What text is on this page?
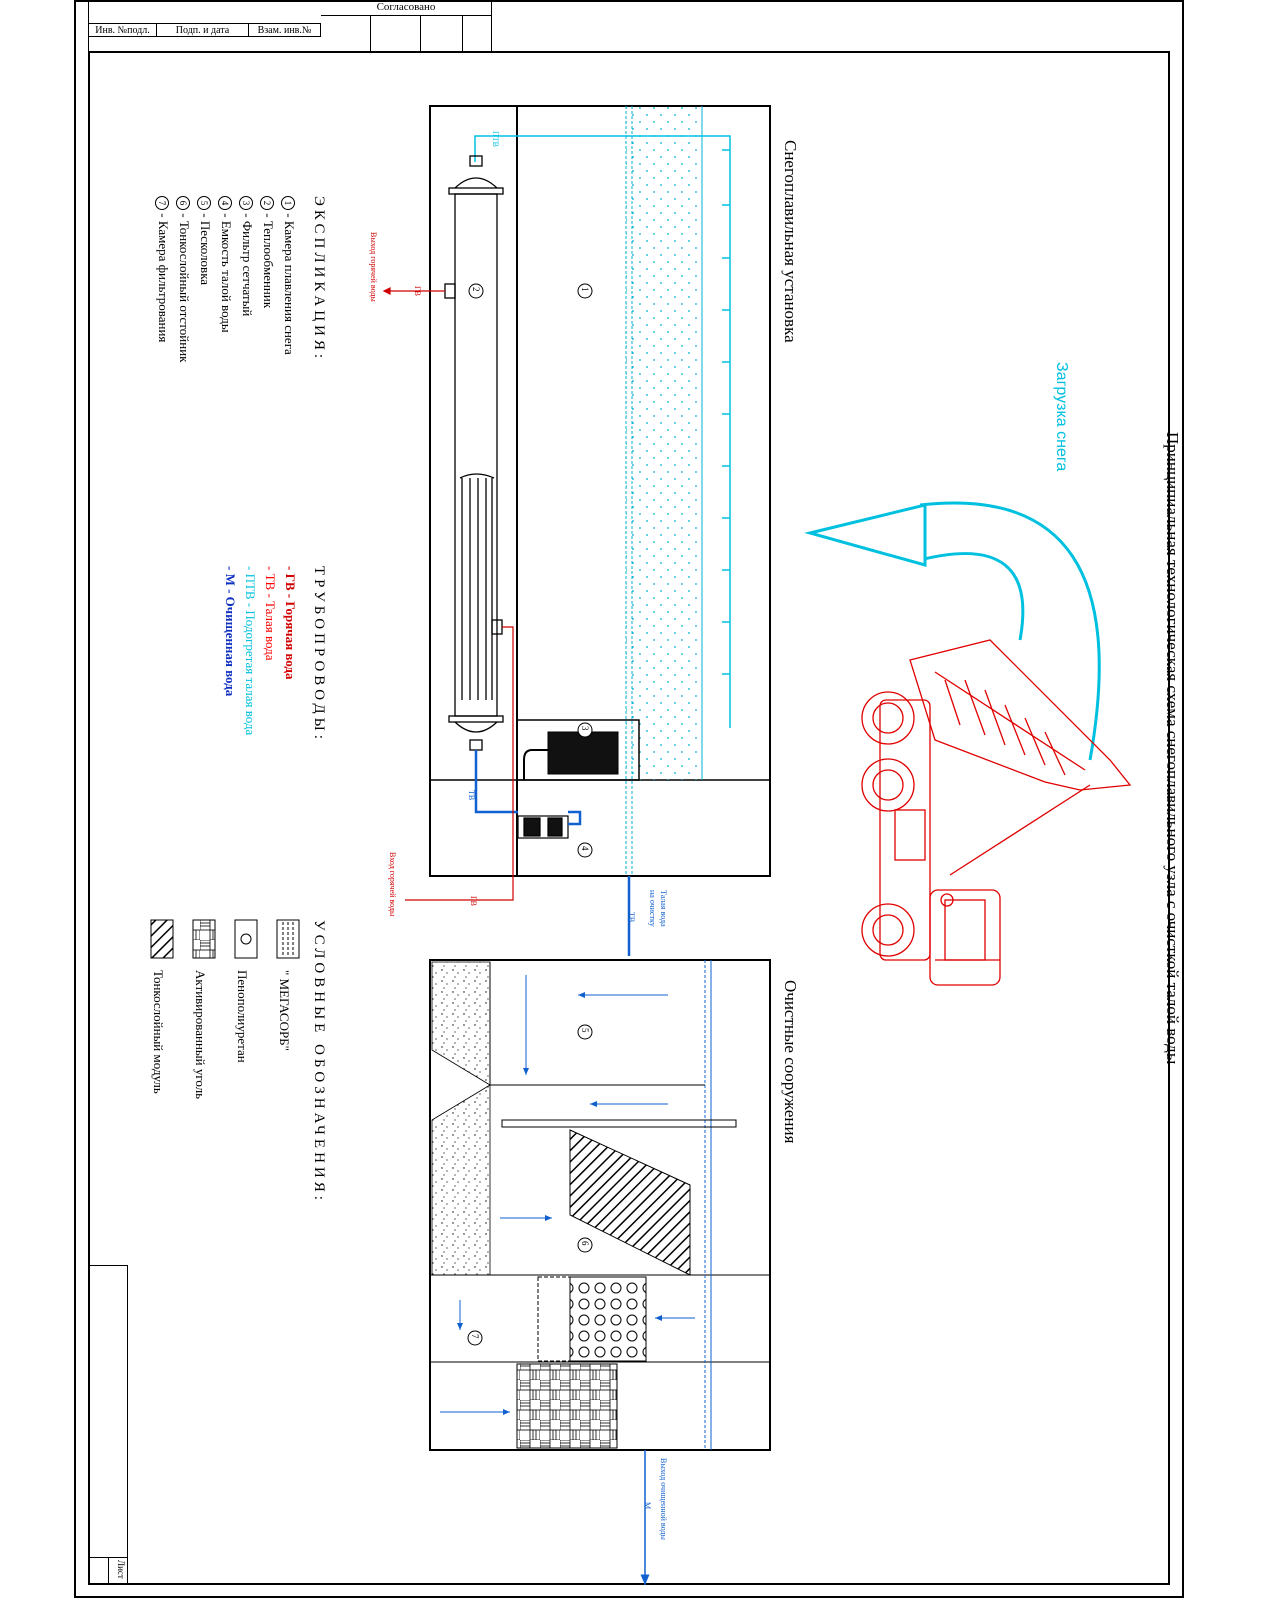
Согласовано
Инв. №подл.	Подп. и дата	Взам. инв.№
Лист
Принципиальная технологическая схема снегоплавильного узла с очисткой талой воды
Загрузка снега
Снегоплавильная установка
Очистные сооружения
ЭКСПЛИКАЦИЯ:
1 - Камера плавления снега
2 - Теплообменник
3 - Фильтр сетчатый
4 - Емкость талой воды
5 - Песколовка
6 - Тонкослойный отстойник
7 - Камера фильтрования
ТРУБОПРОВОДЫ:
- ГВ - Горячая вода
- ТВ - Талая вода
- ПТВ - Подогретая талая вода
- М - Очищенная вода
УСЛОВНЫЕ ОБОЗНАЧЕНИЯ:
" МЕГАСОРБ"
Пенополиуретан
Активированный уголь
Тонкослойный модуль
1
2
3
4
5
6
7
ПТВ
ГВ
Выход горячей воды
ТВ
ГВ
Вход горячей воды
ТВ	Талая вода
на очистку
Выход очищенной воды
М
